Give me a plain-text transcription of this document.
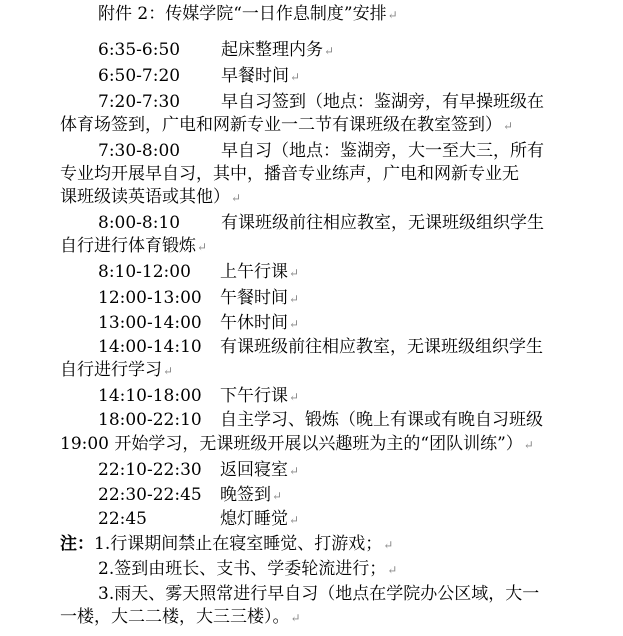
附件 2：传媒学院“一日作息制度”安排↵
6:35-6:50 起床整理内务↵
6:50-7:20 早餐时间↵
7:20-7:30 早自习签到（地点：鉴湖旁，有早操班级在
体育场签到，广电和网新专业一二节有课班级在教室签到）↵
7:30-8:00 早自习（地点：鉴湖旁，大一至大三，所有
专业均开展早自习，其中，播音专业练声，广电和网新专业无
课班级读英语或其他）↵
8:00-8:10 有课班级前往相应教室，无课班级组织学生
自行进行体育锻炼↵
8:10-12:00 上午行课↵
12:00-13:00 午餐时间↵
13:00-14:00 午休时间↵
14:00-14:10 有课班级前往相应教室，无课班级组织学生
自行进行学习↵
14:10-18:00 下午行课↵
18:00-22:10 自主学习、锻炼（晚上有课或有晚自习班级
19:00 开始学习，无课班级开展以兴趣班为主的“团队训练”）↵
22:10-22:30 返回寝室↵
22:30-22:45 晚签到↵
22:45	熄灯睡觉↵
注：1.行课期间禁止在寝室睡觉、打游戏；↵
2.签到由班长、支书、学委轮流进行；↵
3.雨天、雾天照常进行早自习（地点在学院办公区域，大一
一楼，大二二楼，大三三楼）。↵
